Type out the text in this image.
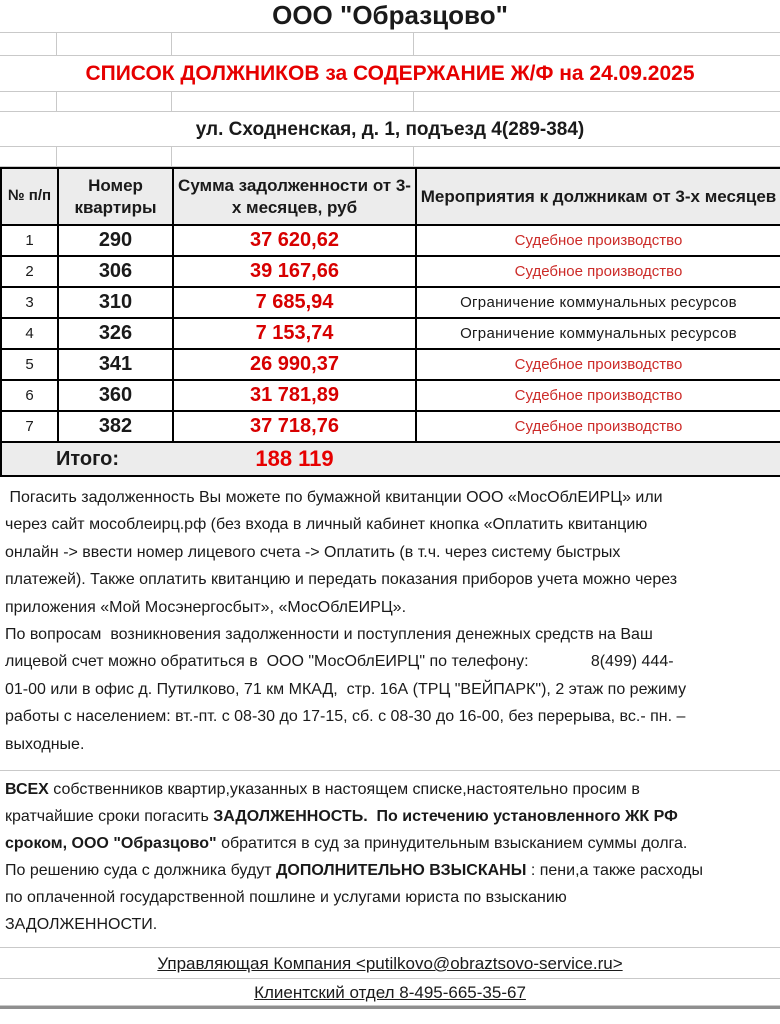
ООО "Образцово"
СПИСОК ДОЛЖНИКОВ за СОДЕРЖАНИЕ Ж/Ф на 24.09.2025
ул. Сходненская, д. 1, подъезд 4(289-384)
№ п/п	Номер квартиры	Сумма задолженности от 3-х месяцев, руб	Мероприятия к должникам от 3-х месяцев
1	290	37 620,62	Судебное производство
2	306	39 167,66	Судебное производство
3	310	7 685,94	Ограничение коммунальных ресурсов
4	326	7 153,74	Ограничение коммунальных ресурсов
5	341	26 990,37	Судебное производство
6	360	31 781,89	Судебное производство
7	382	37 718,76	Судебное производство
Итого:		188 119	
Погасить задолженность Вы можете по бумажной квитанции ООО «МосОблЕИРЦ» или
через сайт мособлеирц.рф (без входа в личный кабинет кнопка «Оплатить квитанцию
онлайн -> ввести номер лицевого счета -> Оплатить (в т.ч. через систему быстрых
платежей). Также оплатить квитанцию и передать показания приборов учета можно через
приложения «Мой Мосэнергосбыт», «МосОблЕИРЦ».
По вопросам  возникновения задолженности и поступления денежных средств на Ваш
лицевой счет можно обратиться в  ООО "МосОблЕИРЦ" по телефону:              8(499) 444-
01-00 или в офис д. Путилково, 71 км МКАД,  стр. 16А (ТРЦ "ВЕЙПАРК"), 2 этаж по режиму
работы с населением: вт.-пт. с 08-30 до 17-15, сб. с 08-30 до 16-00, без перерыва, вс.- пн. –
выходные.
ВСЕХ собственников квартир,указанных в настоящем списке,настоятельно просим в
кратчайшие сроки погасить ЗАДОЛЖЕННОСТЬ.  По истечению установленного ЖК РФ
сроком, ООО "Образцово" обратится в суд за принудительным взысканием суммы долга.
По решению суда с должника будут ДОПОЛНИТЕЛЬНО ВЗЫСКАНЫ : пени,а также расходы
по оплаченной государственной пошлине и услугами юриста по взысканию
ЗАДОЛЖЕННОСТИ.
Управляющая Компания <putilkovo@obraztsovo-service.ru>
Клиентский отдел 8-495-665-35-67
